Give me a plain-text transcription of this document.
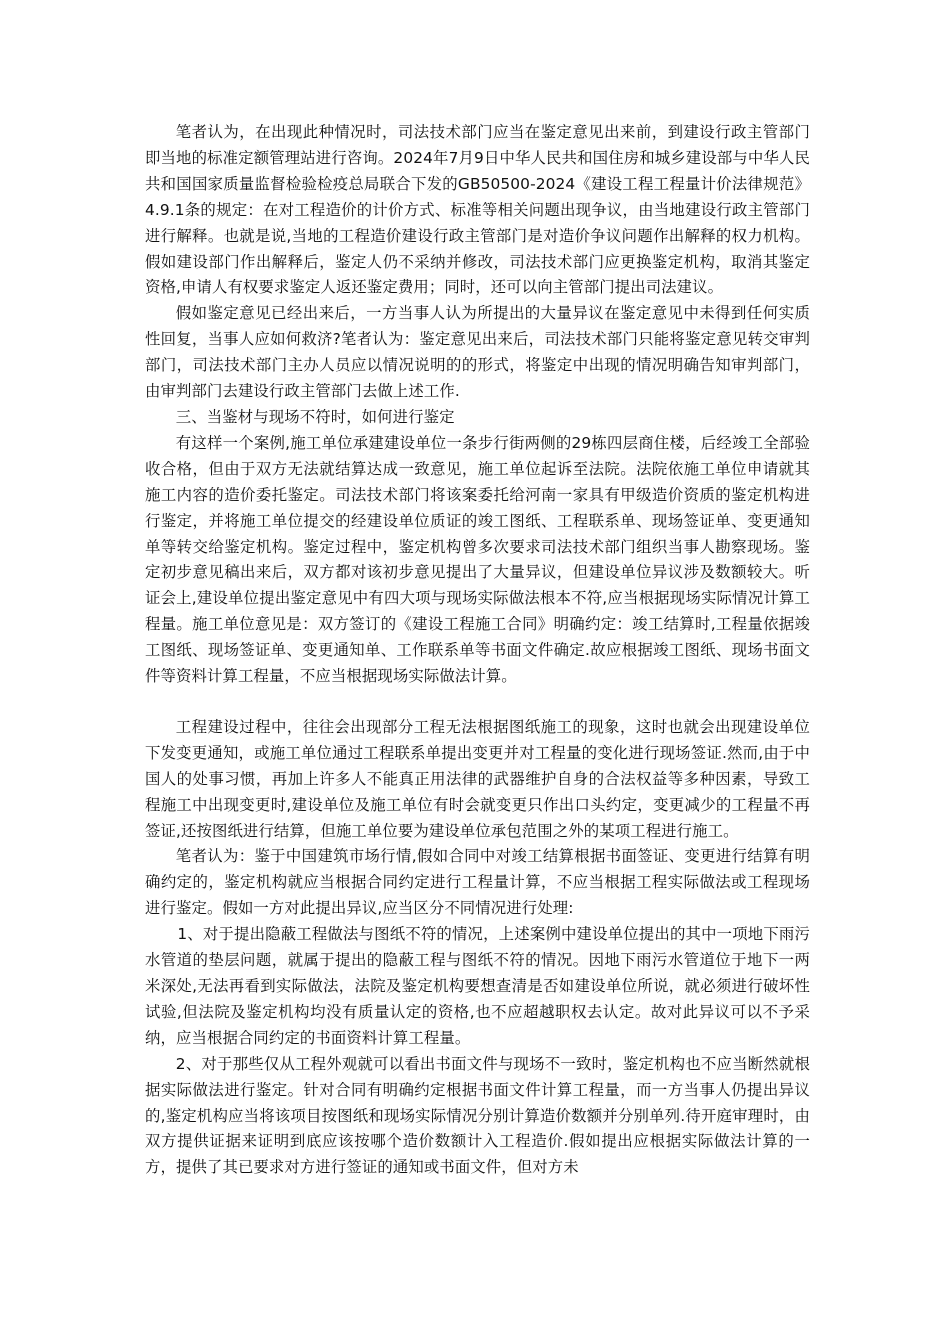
笔者认为，在出现此种情况时，司法技术部门应当在鉴定意见出来前，到建设行政主管部门即当地的标准定额管理站进行咨询。2024年7月9日中华人民共和国住房和城乡建设部与中华人民共和国国家质量监督检验检疫总局联合下发的GB50500-2024《建设工程工程量计价法律规范》4.9.1条的规定：在对工程造价的计价方式、标准等相关问题出现争议，由当地建设行政主管部门进行解释。也就是说,当地的工程造价建设行政主管部门是对造价争议问题作出解释的权力机构。假如建设部门作出解释后，鉴定人仍不采纳并修改，司法技术部门应更换鉴定机构，取消其鉴定资格,申请人有权要求鉴定人返还鉴定费用；同时，还可以向主管部门提出司法建议。

假如鉴定意见已经出来后，一方当事人认为所提出的大量异议在鉴定意见中未得到任何实质性回复，当事人应如何救济?笔者认为：鉴定意见出来后，司法技术部门只能将鉴定意见转交审判部门，司法技术部门主办人员应以情况说明的的形式，将鉴定中出现的情况明确告知审判部门，由审判部门去建设行政主管部门去做上述工作.

三、当鉴材与现场不符时，如何进行鉴定

有这样一个案例,施工单位承建建设单位一条步行街两侧的29栋四层商住楼，后经竣工全部验收合格，但由于双方无法就结算达成一致意见，施工单位起诉至法院。法院依施工单位申请就其施工内容的造价委托鉴定。司法技术部门将该案委托给河南一家具有甲级造价资质的鉴定机构进行鉴定，并将施工单位提交的经建设单位质证的竣工图纸、工程联系单、现场签证单、变更通知单等转交给鉴定机构。鉴定过程中，鉴定机构曾多次要求司法技术部门组织当事人勘察现场。鉴定初步意见稿出来后，双方都对该初步意见提出了大量异议，但建设单位异议涉及数额较大。听证会上,建设单位提出鉴定意见中有四大项与现场实际做法根本不符,应当根据现场实际情况计算工程量。施工单位意见是：双方签订的《建设工程施工合同》明确约定：竣工结算时,工程量依据竣工图纸、现场签证单、变更通知单、工作联系单等书面文件确定.故应根据竣工图纸、现场书面文件等资料计算工程量，不应当根据现场实际做法计算。

工程建设过程中，往往会出现部分工程无法根据图纸施工的现象，这时也就会出现建设单位下发变更通知，或施工单位通过工程联系单提出变更并对工程量的变化进行现场签证.然而,由于中国人的处事习惯，再加上许多人不能真正用法律的武器维护自身的合法权益等多种因素，导致工程施工中出现变更时,建设单位及施工单位有时会就变更只作出口头约定，变更减少的工程量不再签证,还按图纸进行结算，但施工单位要为建设单位承包范围之外的某项工程进行施工。

笔者认为：鉴于中国建筑市场行情,假如合同中对竣工结算根据书面签证、变更进行结算有明确约定的，鉴定机构就应当根据合同约定进行工程量计算，不应当根据工程实际做法或工程现场进行鉴定。假如一方对此提出异议,应当区分不同情况进行处理:

1、对于提出隐蔽工程做法与图纸不符的情况，上述案例中建设单位提出的其中一项地下雨污水管道的垫层问题，就属于提出的隐蔽工程与图纸不符的情况。因地下雨污水管道位于地下一两米深处,无法再看到实际做法，法院及鉴定机构要想查清是否如建设单位所说，就必须进行破坏性试验,但法院及鉴定机构均没有质量认定的资格,也不应超越职权去认定。故对此异议可以不予采纳，应当根据合同约定的书面资料计算工程量。

2、对于那些仅从工程外观就可以看出书面文件与现场不一致时，鉴定机构也不应当断然就根据实际做法进行鉴定。针对合同有明确约定根据书面文件计算工程量，而一方当事人仍提出异议的,鉴定机构应当将该项目按图纸和现场实际情况分别计算造价数额并分别单列.待开庭审理时，由双方提供证据来证明到底应该按哪个造价数额计入工程造价.假如提出应根据实际做法计算的一方，提供了其已要求对方进行签证的通知或书面文件，但对方未
